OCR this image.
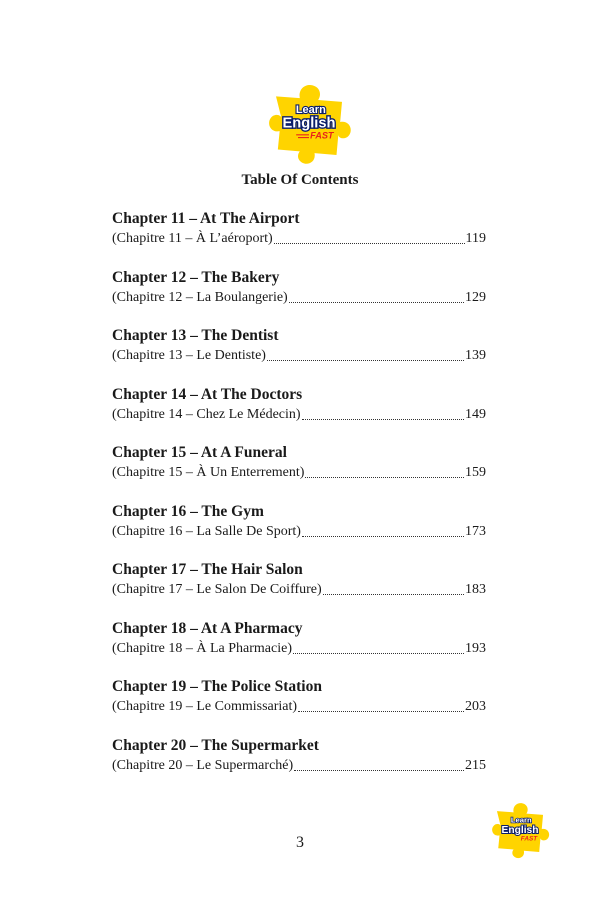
Learn
English
FAST
Table Of Contents
Chapter 11 – At The Airport
(Chapitre 11 – À L’aéroport)	119
Chapter 12 – The Bakery
(Chapitre 12 – La Boulangerie)	129
Chapter 13 – The Dentist
(Chapitre 13 – Le Dentiste)	139
Chapter 14 – At The Doctors
(Chapitre 14 – Chez Le Médecin)	149
Chapter 15 – At A Funeral
(Chapitre 15 – À Un Enterrement)	159
Chapter 16 – The Gym
(Chapitre 16 – La Salle De Sport)	173
Chapter 17 – The Hair Salon
(Chapitre 17 – Le Salon De Coiffure)	183
Chapter 18 – At A Pharmacy
(Chapitre 18 – À La Pharmacie)	193
Chapter 19 – The Police Station
(Chapitre 19 – Le Commissariat)	203
Chapter 20 – The Supermarket
(Chapitre 20 – Le Supermarché)	215
3
Learn
English
FAST
